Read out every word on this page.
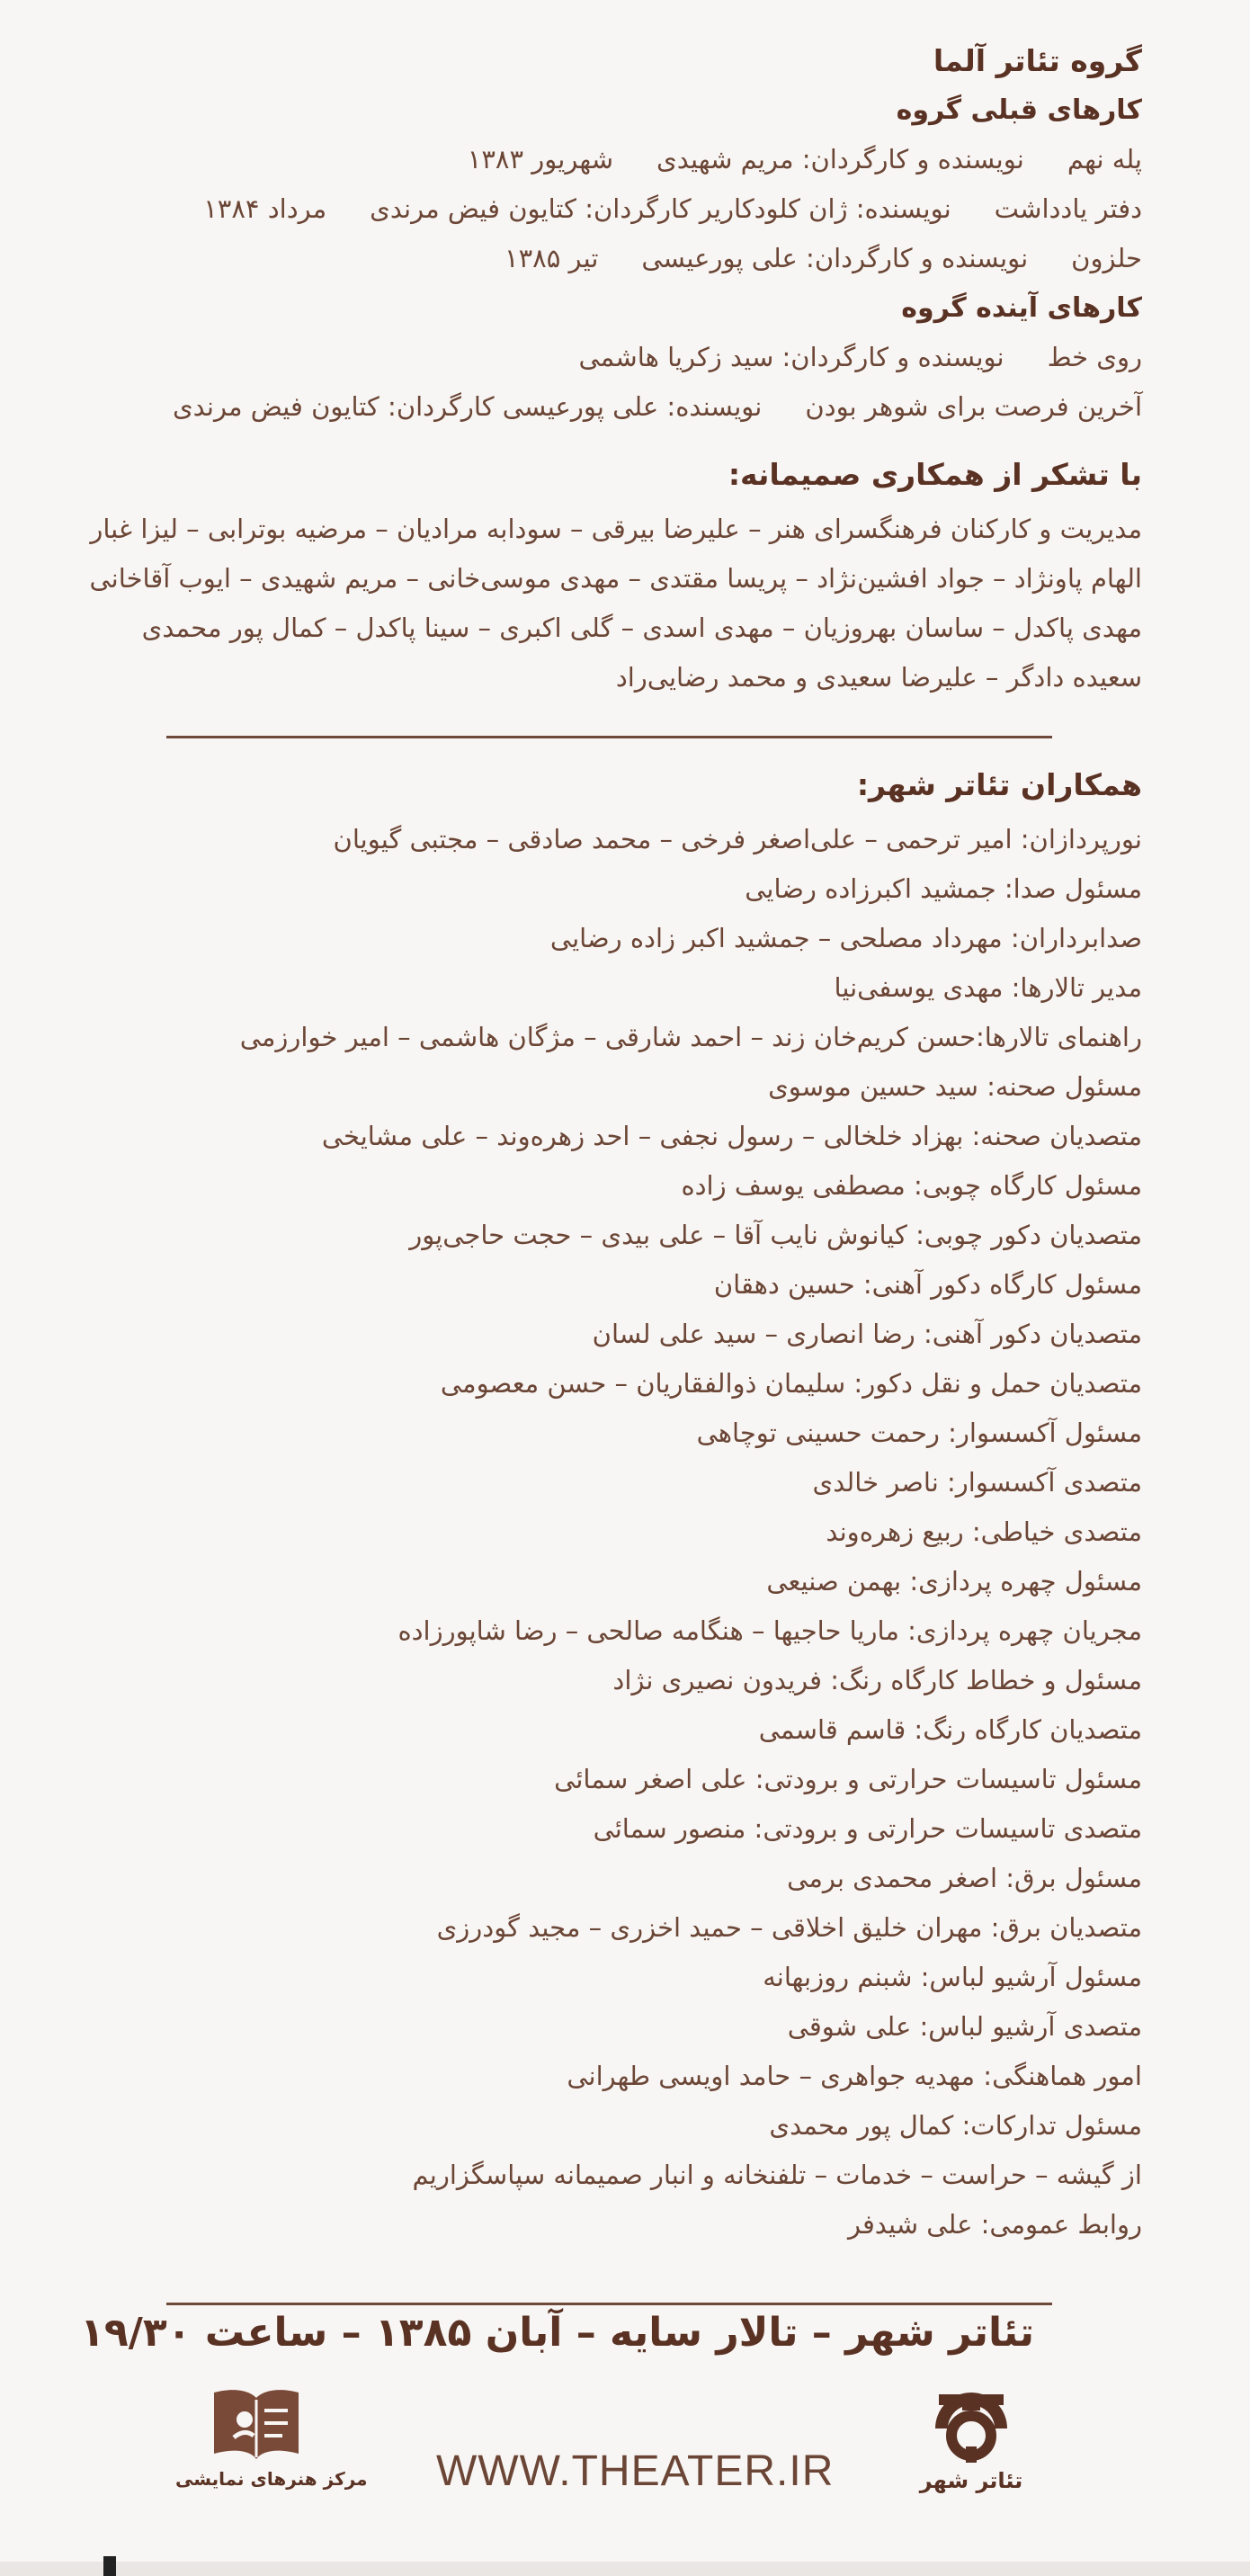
گروه تئاتر آلما
کارهای قبلی گروه
پله نهمنویسنده و کارگردان: مریم شهیدیشهریور ۱۳۸۳
دفتر یادداشتنویسنده: ژان کلودکاریر کارگردان: کتایون فیض مرندیمرداد ۱۳۸۴
حلزوننویسنده و کارگردان: علی پورعیسیتیر ۱۳۸۵
کارهای آینده گروه
روی خطنویسنده و کارگردان: سید زکریا هاشمی
آخرین فرصت برای شوهر بودننویسنده: علی پورعیسی کارگردان: کتایون فیض مرندی
با تشکر از همکاری صمیمانه:
مدیریت و کارکنان فرهنگسرای هنر – علیرضا بیرقی – سودابه مرادیان – مرضیه بوترابی – لیزا غبار
الهام پاونژاد – جواد افشین‌نژاد – پریسا مقتدی – مهدی موسی‌خانی – مریم شهیدی – ایوب آقاخانی
مهدی پاکدل – ساسان بهروزیان – مهدی اسدی – گلی اکبری – سینا پاکدل – کمال پور محمدی
سعیده دادگر – علیرضا سعیدی و محمد رضایی‌راد
همکاران تئاتر شهر:
نورپردازان: امیر ترحمی – علی‌اصغر فرخی – محمد صادقی – مجتبی گیویان
مسئول صدا: جمشید اکبرزاده رضایی
صدابرداران: مهرداد مصلحی – جمشید اکبر زاده رضایی
مدیر تالارها: مهدی یوسفی‌نیا
راهنمای تالارها:حسن کریم‌خان زند – احمد شارقی – مژگان هاشمی – امیر خوارزمی
مسئول صحنه: سید حسین موسوی
متصدیان صحنه: بهزاد خلخالی – رسول نجفی – احد زهره‌وند – علی مشایخی
مسئول کارگاه چوبی: مصطفی یوسف زاده
متصدیان دکور چوبی: کیانوش نایب آقا – علی بیدی – حجت حاجی‌پور
مسئول کارگاه دکور آهنی: حسین دهقان
متصدیان دکور آهنی: رضا انصاری – سید علی لسان
متصدیان حمل و نقل دکور: سلیمان ذوالفقاریان – حسن معصومی
مسئول آکسسوار: رحمت حسینی توچاهی
متصدی آکسسوار: ناصر خالدی
متصدی خیاطی: ربیع زهره‌وند
مسئول چهره پردازی: بهمن صنیعی
مجریان چهره پردازی: ماریا حاجیها – هنگامه صالحی – رضا شاپورزاده
مسئول و خطاط کارگاه رنگ: فریدون نصیری نژاد
متصدیان کارگاه رنگ: قاسم قاسمی
مسئول تاسیسات حرارتی و برودتی: علی اصغر سمائی
متصدی تاسیسات حرارتی و برودتی: منصور سمائی
مسئول برق: اصغر محمدی برمی
متصدیان برق: مهران خلیق اخلاقی – حمید اخزری – مجید گودرزی
مسئول آرشیو لباس: شبنم روزبهانه
متصدی آرشیو لباس: علی شوقی
امور هماهنگی: مهدیه جواهری – حامد اویسی طهرانی
مسئول تدارکات: کمال پور محمدی
از گیشه – حراست – خدمات – تلفنخانه و انبار صمیمانه سپاسگزاریم
روابط عمومی: علی شیدفر
تئاتر شهر – تالار سایه – آبان ۱۳۸۵ – ساعت ۱۹/۳۰
مرکز هنرهای نمایشی WWW.THEATER.IR	تئاتر شهر
